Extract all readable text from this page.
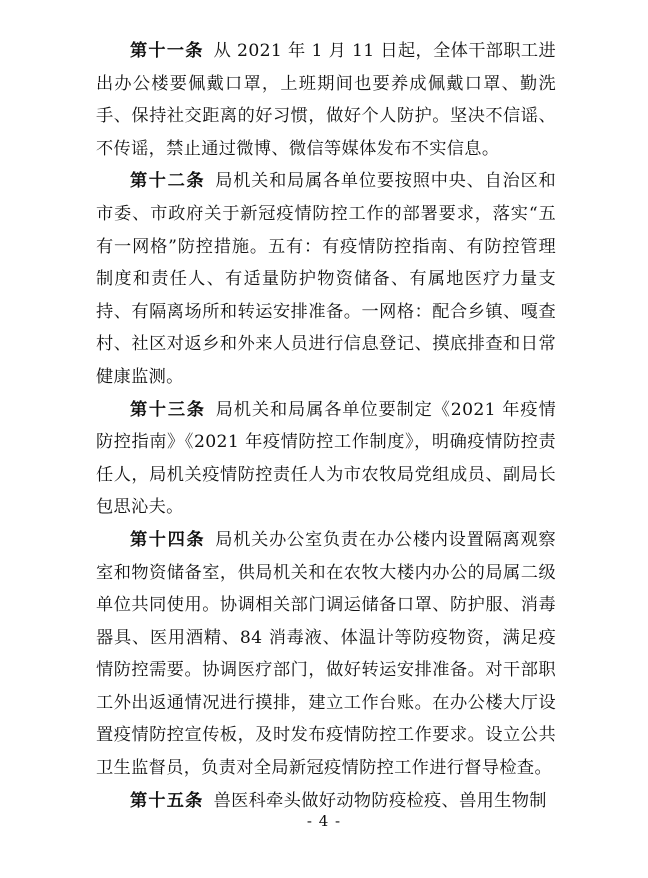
第十一条 从 2021 年 1 月 11 日起，全体干部职工进出办公楼要佩戴口罩，上班期间也要养成佩戴口罩、勤洗手、保持社交距离的好习惯，做好个人防护。坚决不信谣、不传谣，禁止通过微博、微信等媒体发布不实信息。

第十二条 局机关和局属各单位要按照中央、自治区和市委、市政府关于新冠疫情防控工作的部署要求，落实“五有一网格”防控措施。五有：有疫情防控指南、有防控管理制度和责任人、有适量防护物资储备、有属地医疗力量支持、有隔离场所和转运安排准备。一网格：配合乡镇、嘎查村、社区对返乡和外来人员进行信息登记、摸底排查和日常健康监测。

第十三条 局机关和局属各单位要制定《2021 年疫情防控指南》《2021 年疫情防控工作制度》，明确疫情防控责任人，局机关疫情防控责任人为市农牧局党组成员、副局长包思沁夫。

第十四条 局机关办公室负责在办公楼内设置隔离观察室和物资储备室，供局机关和在农牧大楼内办公的局属二级单位共同使用。协调相关部门调运储备口罩、防护服、消毒器具、医用酒精、84 消毒液、体温计等防疫物资，满足疫情防控需要。协调医疗部门，做好转运安排准备。对干部职工外出返通情况进行摸排，建立工作台账。在办公楼大厅设置疫情防控宣传板，及时发布疫情防控工作要求。设立公共卫生监督员，负责对全局新冠疫情防控工作进行督导检查。

第十五条 兽医科牵头做好动物防疫检疫、兽用生物制

- 4 -
